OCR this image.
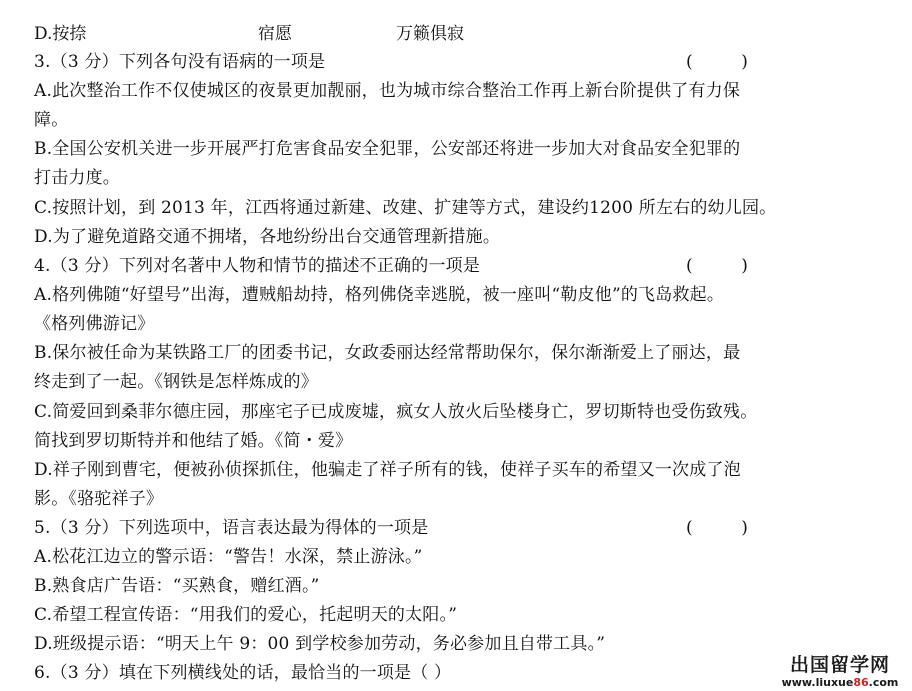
D.按捺	宿愿	万籁俱寂
3.（3 分）下列各句没有语病的一项是	(         )
A.此次整治工作不仅使城区的夜景更加靓丽，也为城市综合整治工作再上新台阶提供了有力保
障。
B.全国公安机关进一步开展严打危害食品安全犯罪，公安部还将进一步加大对食品安全犯罪的
打击力度。
C.按照计划，到 2013 年，江西将通过新建、改建、扩建等方式，建设约1200 所左右的幼儿园。
D.为了避免道路交通不拥堵，各地纷纷出台交通管理新措施。
4.（3 分）下列对名著中人物和情节的描述不正确的一项是	(         )
A.格列佛随“好望号”出海，遭贼船劫持，格列佛侥幸逃脱，被一座叫“勒皮他”的飞岛救起。
《格列佛游记》
B.保尔被任命为某铁路工厂的团委书记，女政委丽达经常帮助保尔，保尔渐渐爱上了丽达，最
终走到了一起。《钢铁是怎样炼成的》
C.简爱回到桑菲尔德庄园，那座宅子已成废墟，疯女人放火后坠楼身亡，罗切斯特也受伤致残。
简找到罗切斯特并和他结了婚。《简・爱》
D.祥子刚到曹宅，便被孙侦探抓住，他骗走了祥子所有的钱，使祥子买车的希望又一次成了泡
影。《骆驼祥子》
5.（3 分）下列选项中，语言表达最为得体的一项是	(         )
A.松花江边立的警示语：“警告！水深，禁止游泳。”
B.熟食店广告语：“买熟食，赠红酒。”
C.希望工程宣传语：“用我们的爱心，托起明天的太阳。”
D.班级提示语：“明天上午 9：00 到学校参加劳动，务必参加且自带工具。”
6.（3 分）填在下列横线处的话，最恰当的一项是（ ）	出国留学网
www.liuxue86.com
